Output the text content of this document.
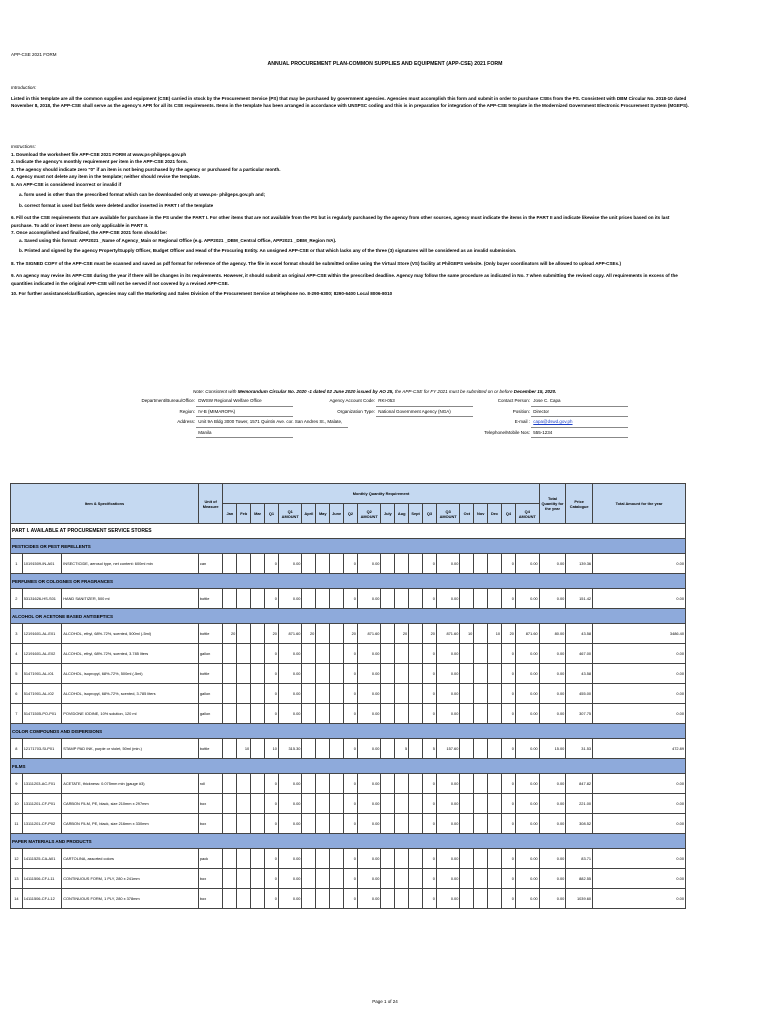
APP-CSE 2021 FORM
ANNUAL PROCUREMENT PLAN-COMMON SUPPLIES AND EQUIPMENT (APP-CSE) 2021 FORM
Introduction:
Listed in this template are all the common supplies and equipment (CSE) carried in stock by the Procurement Service (PS) that may be purchased by government agencies. Agencies must accomplish this form and submit in order to purchase CSEs from the PS. Consistent with DBM Circular No. 2018-10 dated November 8, 2018, the APP-CSE shall serve as the agency's APR for all its CSE requirements. Items in the template has been arranged in accordance with UNSPSC coding and this is in preparation for integration of the APP-CSE template in the Modernized Government Electronic Procurement System (MGEPS).
Instructions:
1. Download the worksheet file APP-CSE 2021 FORM at www.ps-philgeps.gov.ph
2. Indicate the agency's monthly requirement per item in the APP-CSE 2021 form.
3. The agency should indicate zero "0" if an item is not being purchased by the agency or purchased for a particular month.
4. Agency must not delete any item in the template; neither should revise the template.
5. An APP-CSE is considered incorrect or invalid if
a. form used is other than the prescribed format which can be downloaded only at www.ps- philgeps.gov.ph and;
b. correct format is used but fields were deleted and/or inserted in PART I of the template
6. Fill out the CSE requirements that are available for purchase in the PS under the PART I. For other items that are not available from the PS but is regularly purchased by the agency from other sources, agency must indicate the items in the PART II and indicate likewise the unit prices based on its last purchase. To add or insert items are only applicable in PART II.
7. Once accomplished and finalized, the APP-CSE 2021 form should be:
a. Saved using this format: APP2021 _Name of Agency_Main or Regional Office (e.g. APP2021 _DBM_Central Office, APP2021 _DBM_Region IVA).
b. Printed and signed by the agency Property/Supply Officer, Budget Officer and Head of the Procuring Entity. An unsigned APP-CSE or that which lacks any of the three (3) signatures will be considered as an invalid submission.
8. The SIGNED COPY of the APP-CSE must be scanned and saved as pdf format for reference of the agency. The file in excel format should be submitted online using the Virtual Store (VS) facility at PhilGEPS website. (Only buyer coordinators will be allowed to upload APP-CSEs.)
9. An agency may revise its APP-CSE during the year if there will be changes in its requirements. However, it should submit an original APP-CSE within the prescribed deadline. Agency may follow the same procedure as indicated in No. 7 when submitting the revised copy. All requirements in excess of the quantities indicated in the original APP-CSE will not be served if not covered by a revised APP-CSE.
10. For further assistance/clarification, agencies may call the Marketing and Sales Division of the Procurement Service at telephone no. 8-290-6300; 8290-6400 Local 8006-8010
Note: Consistent with Memorandum Circular No. 2020 -1 dated 02 June 2020 issued by AO 25, the APP-CSE for FY 2021 must be submitted on or before December 15, 2020.
Department/Bureau/Office: DWSW Regional Welfare Office
Region: IV-B (MIMAROPA)
Address: Unit 9A Bldg 3000 Tower, 1571 Quintin Ave. cor. San Andres St., Malate,
Manila
Agency Account Code: RKI-053
Organization Type: National Government Agency (NGA)
Contact Person: Jose C. Capa
Position: Director
E-mail : capa@dswd.gov.ph
Telephone/Mobile Nos: 555-1234
Item & Specifications			Unit of Measure	Monthly Quantity Requirement																				Total Quantity for the year	Price Catalogue	Total Amount for the year
				Jan	Feb	Mar	Q1	Q1 AMOUNT	April	May	June	Q2	Q2 AMOUNT	July	Aug	Sept	Q3	Q3 AMOUNT	Oct	Nov	Dec	Q4	Q4 AMOUNT			
PART I. AVAILABLE AT PROCUREMENT SERVICE STORES																										
PESTICIDES OR PEST REPELLENTS																										
1	10191509-IN-A01	INSECTICIDE, aerosol type, net content: 600ml min	can				0	0.00				0	0.00				0	0.00				0	0.00	0.00	139.36	0.00
PERFUMES OR COLOGNES OR FRAGRANCES																										
2	53131626-HS-S01	HAND SANITIZER, 500 ml	bottle				0	0.00				0	0.00				0	0.00				0	0.00	0.00	151.42	0.00
ALCOHOL OR ACETONE BASED ANTISEPTICS																										
3	12191601-AL-E01	ALCOHOL, ethyl, 68%-72%, scented, 500ml (-5ml)	bottle	20			20	871.60	20			20	871.60		20		20	871.60	10		10	20	871.60	80.00	43.58	3486.40
4	12191601-AL-E02	ALCOHOL, ethyl, 68%-72%, scented, 3.785 liters	gallon				0	0.00				0	0.00				0	0.00				0	0.00	0.00	467.00	0.00
5	51471901-AL-I01	ALCOHOL, isopropyl, 68%-72%, 500ml (-5ml)	bottle				0	0.00				0	0.00				0	0.00				0	0.00	0.00	43.58	0.00
6	51471901-AL-I02	ALCOHOL, isopropyl, 68%-72%, scented, 3.785 liters	gallon				0	0.00				0	0.00				0	0.00				0	0.00	0.00	455.00	0.00
7	51471505-PO-P01	POVIDONE IODINE, 10% solution, 120 ml	gallon				0	0.00				0	0.00				0	0.00				0	0.00	0.00	307.75	0.00
COLOR COMPOUNDS AND DISPERSIONS																										
8	12171703-SI-P01	STAMP PAD INK, purple or violet, 50ml (min.)	bottle		10		10	315.30				0	0.00		5		5	157.60				0	0.00	15.00	31.53	472.89
FILMS																										
9	13111203-AC-F01	ACETATE, thickness: 0.075mm min (gauge #3)	roll				0	0.00				0	0.00				0	0.00				0	0.00	0.00	847.82	0.00
10	13111201-CF-P01	CARBON FILM, PE, black, size 210mm x 297mm	box				0	0.00				0	0.00				0	0.00				0	0.00	0.00	221.00	0.00
11	13111201-CF-P02	CARBON FILM, PE, black, size 216mm x 330mm	box				0	0.00				0	0.00				0	0.00				0	0.00	0.00	308.52	0.00
PAPER MATERIALS AND PRODUCTS																										
12	14111525-CA-A01	CARTOLINA, assorted colors	pack				0	0.00				0	0.00				0	0.00				0	0.00	0.00	83.71	0.00
13	14111506-CF-L11	CONTINUOUS FORM, 1 PLY, 280 x 241mm	box				0	0.00				0	0.00				0	0.00				0	0.00	0.00	882.55	0.00
14	14111506-CF-L12	CONTINUOUS FORM, 1 PLY, 280 x 378mm	box				0	0.00				0	0.00				0	0.00				0	0.00	0.00	1039.60	0.00
Page 1 of 24
